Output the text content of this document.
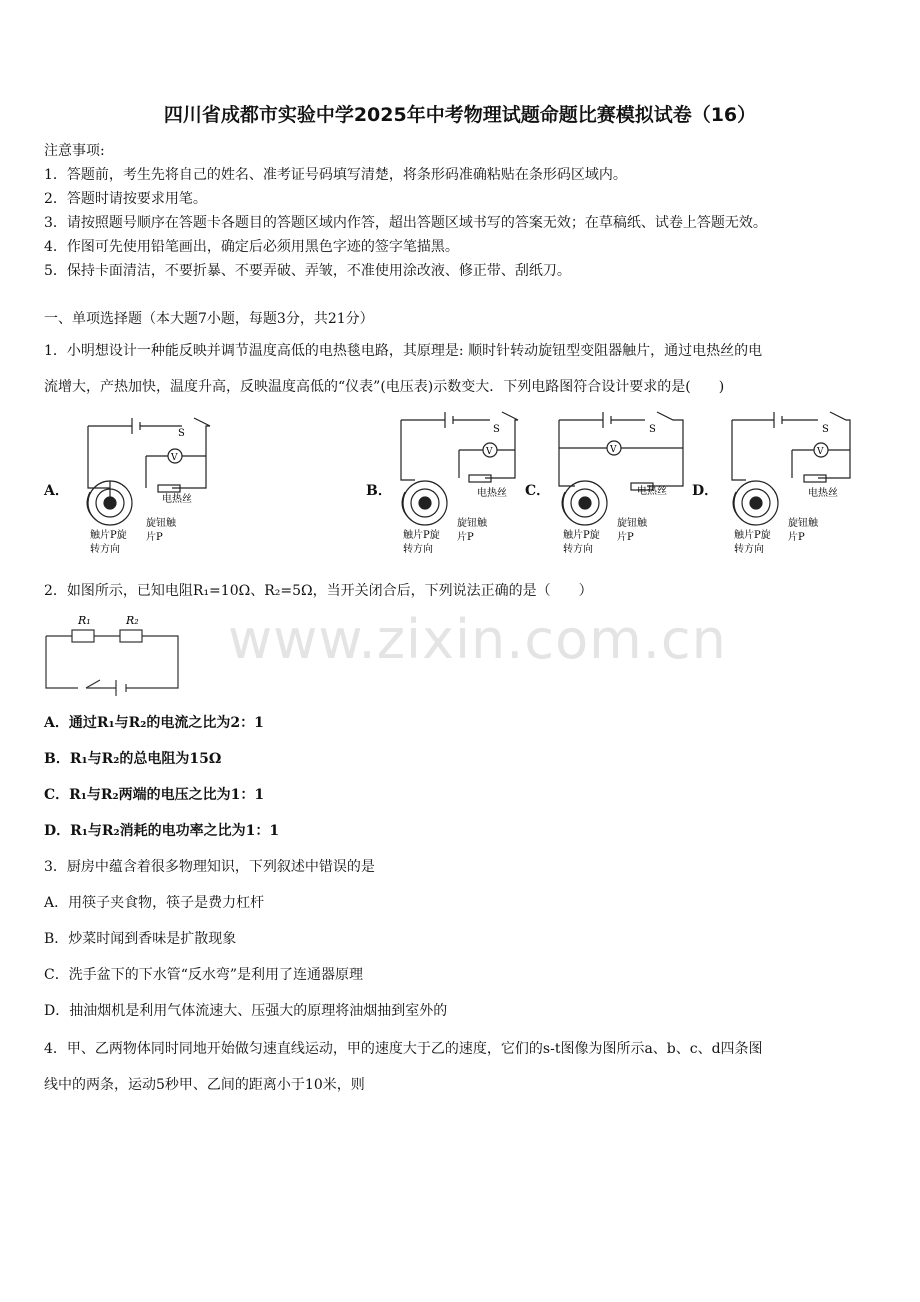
四川省成都市实验中学2025年中考物理试题命题比赛模拟试卷（16）
注意事项:
1．答题前，考生先将自己的姓名、准考证号码填写清楚，将条形码准确粘贴在条形码区域内。
2．答题时请按要求用笔。
3．请按照题号顺序在答题卡各题目的答题区域内作答，超出答题区域书写的答案无效；在草稿纸、试卷上答题无效。
4．作图可先使用铅笔画出，确定后必须用黑色字迹的签字笔描黑。
5．保持卡面清洁，不要折暴、不要弄破、弄皱，不准使用涂改液、修正带、刮纸刀。
一、单项选择题（本大题7小题，每题3分，共21分）
1．小明想设计一种能反映并调节温度高低的电热毯电路，其原理是: 顺时针转动旋钮型变阻器触片，通过电热丝的电
流增大，产热加快，温度升高，反映温度高低的“仪表”(电压表)示数变大．下列电路图符合设计要求的是(　　)
A．	B．	C．	D．
S
V
电热丝
旋钮触
片P
触片P旋
转方向
S
V
电热丝
旋钮触
片P
触片P旋
转方向
S
V
电热丝
旋钮触
片P
触片P旋
转方向
S
V
电热丝
旋钮触
片P
触片P旋
转方向
2．如图所示，已知电阻R₁=10Ω、R₂=5Ω，当开关闭合后，下列说法正确的是（　　）
R₁	R₂
A．通过R₁与R₂的电流之比为2：1
B．R₁与R₂的总电阻为15Ω
C．R₁与R₂两端的电压之比为1：1
D．R₁与R₂消耗的电功率之比为1：1
3．厨房中蕴含着很多物理知识，下列叙述中错误的是
A．用筷子夹食物，筷子是费力杠杆
B．炒菜时闻到香味是扩散现象
C．洗手盆下的下水管“反水弯”是利用了连通器原理
D．抽油烟机是利用气体流速大、压强大的原理将油烟抽到室外的
4．甲、乙两物体同时同地开始做匀速直线运动，甲的速度大于乙的速度，它们的s-t图像为图所示a、b、c、d四条图
线中的两条，运动5秒甲、乙间的距离小于10米，则
www.zixin.com.cn
